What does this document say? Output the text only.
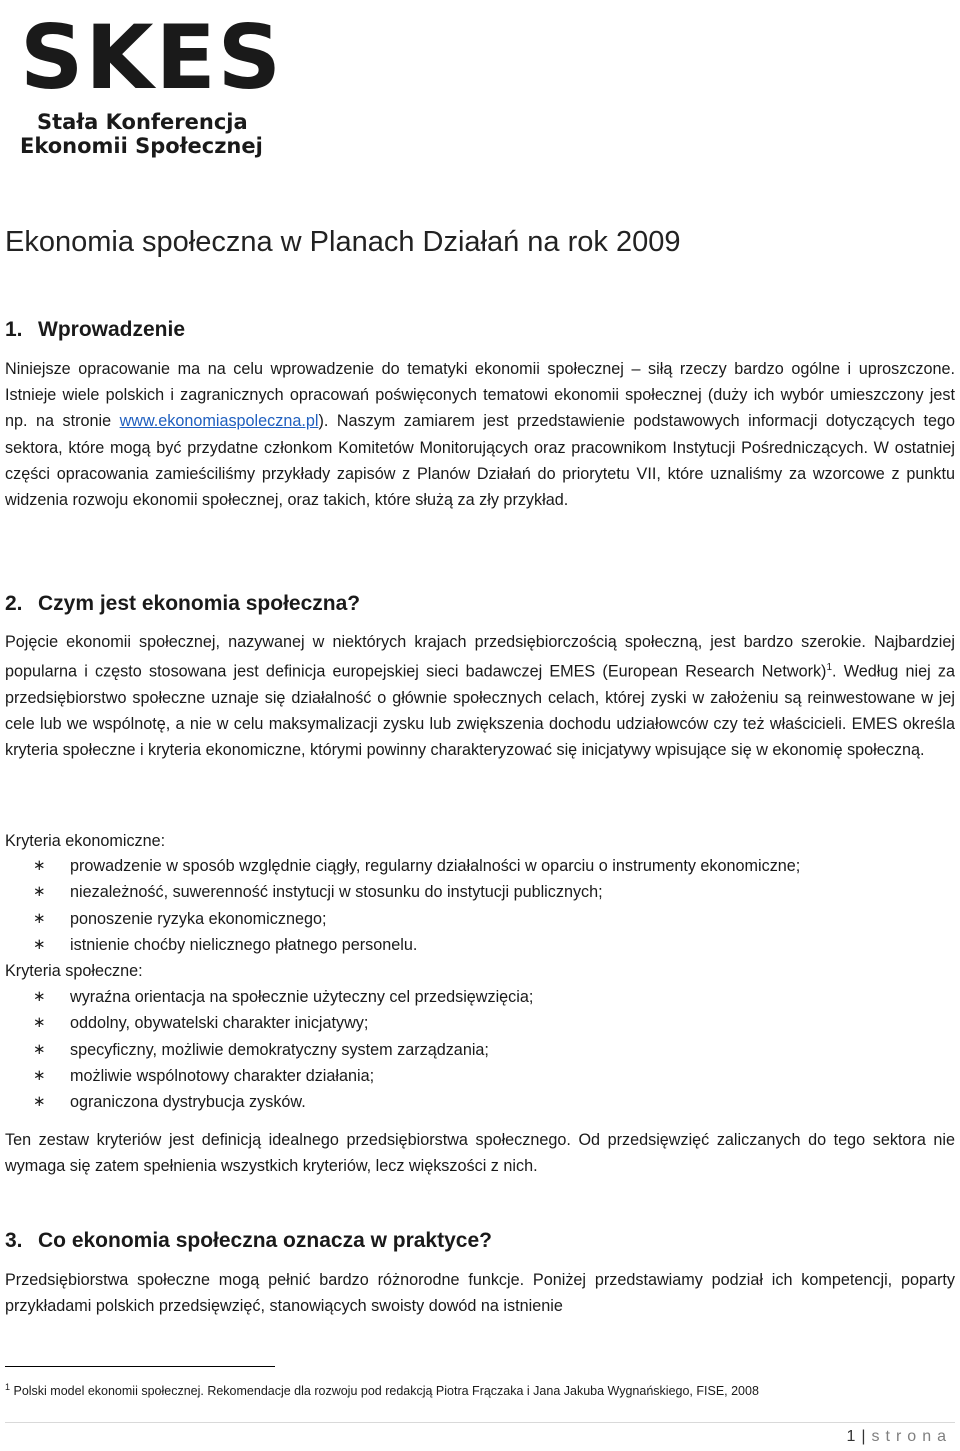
SKES
Stała Konferencja
Ekonomii Społecznej
Ekonomia społeczna w Planach Działań na rok 2009
1. Wprowadzenie

Niniejsze opracowanie ma na celu wprowadzenie do tematyki ekonomii społecznej – siłą rzeczy bardzo ogólne i uproszczone. Istnieje wiele polskich i zagranicznych opracowań poświęconych tematowi ekonomii społecznej (duży ich wybór umieszczony jest np. na stronie www.ekonomiaspoleczna.pl). Naszym zamiarem jest przedstawienie podstawowych informacji dotyczących tego sektora, które mogą być przydatne członkom Komitetów Monitorujących oraz pracownikom Instytucji Pośredniczących. W ostatniej części opracowania zamieściliśmy przykłady zapisów z Planów Działań do priorytetu VII, które uznaliśmy za wzorcowe z punktu widzenia rozwoju ekonomii społecznej, oraz takich, które służą za zły przykład.

2. Czym jest ekonomia społeczna?

Pojęcie ekonomii społecznej, nazywanej w niektórych krajach przedsiębiorczością społeczną, jest bardzo szerokie. Najbardziej popularna i często stosowana jest definicja europejskiej sieci badawczej EMES (European Research Network)$^1$. Według niej za przedsiębiorstwo społeczne uznaje się działalność o głównie społecznych celach, której zyski w założeniu są reinwestowane w jej cele lub we wspólnotę, a nie w celu maksymalizacji zysku lub zwiększenia dochodu udziałowców czy też właścicieli. EMES określa kryteria społeczne i kryteria ekonomiczne, którymi powinny charakteryzować się inicjatywy wpisujące się w ekonomię społeczną.

Kryteria ekonomiczne:

∗ prowadzenie w sposób względnie ciągły, regularny działalności w oparciu o instrumenty ekonomiczne;
∗ niezależność, suwerenność instytucji w stosunku do instytucji publicznych;
∗ ponoszenie ryzyka ekonomicznego;
∗ istnienie choćby nielicznego płatnego personelu.

Kryteria społeczne:

∗ wyraźna orientacja na społecznie użyteczny cel przedsięwzięcia;
∗ oddolny, obywatelski charakter inicjatywy;
∗ specyficzny, możliwie demokratyczny system zarządzania;
∗ możliwie wspólnotowy charakter działania;
∗ ograniczona dystrybucja zysków.

Ten zestaw kryteriów jest definicją idealnego przedsiębiorstwa społecznego. Od przedsięwzięć zaliczanych do tego sektora nie wymaga się zatem spełnienia wszystkich kryteriów, lecz większości z nich.

3. Co ekonomia społeczna oznacza w praktyce?

Przedsiębiorstwa społeczne mogą pełnić bardzo różnorodne funkcje. Poniżej przedstawiamy podział ich kompetencji, poparty przykładami polskich przedsięwzięć, stanowiących swoisty dowód na istnienie

$^1$ Polski model ekonomii społecznej. Rekomendacje dla rozwoju pod redakcją Piotra Frączaka i Jana Jakuba Wygnańskiego, FISE, 2008

1 | strona
